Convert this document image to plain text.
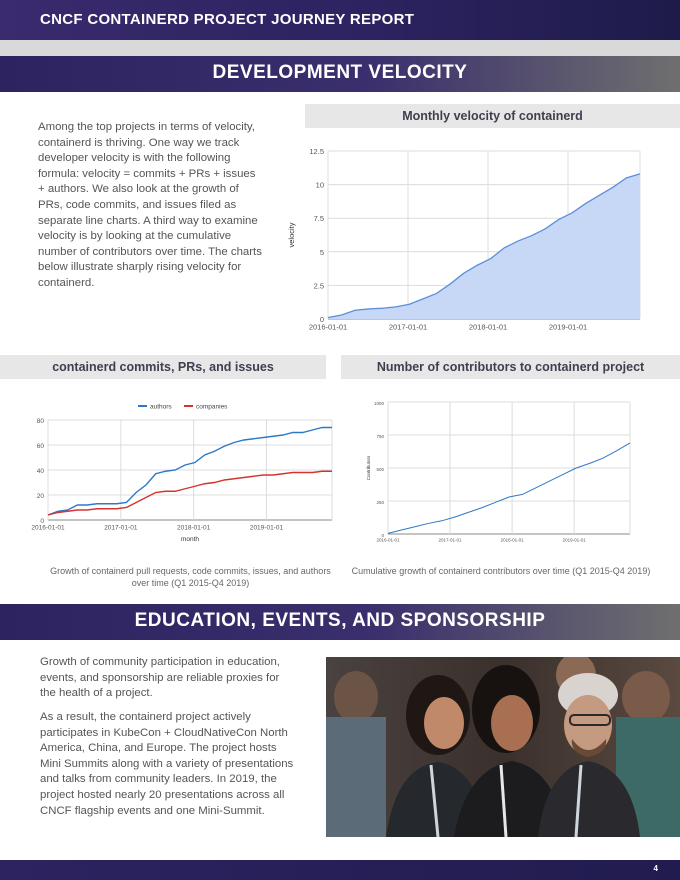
CNCF CONTAINERD PROJECT JOURNEY REPORT
DEVELOPMENT VELOCITY

Among the top projects in terms of velocity, containerd is thriving. One way we track developer velocity is with the following formula: velocity = commits + PRs + issues + authors. We also look at the growth of PRs, code commits, and issues filed as separate line charts. A third way to examine velocity is by looking at the cumulative number of contributors over time. The charts below illustrate sharply rising velocity for containerd.

Monthly velocity of containerd
0
2.5
5
7.5
10
12.5
2016-01-01	2017-01-01	2018-01-01	2019-01-01
velocity
containerd commits, PRs, and issues
0
20
40
60
80
2016-01-01	2017-01-01	2018-01-01	2019-01-01
month
authors	companies

Growth of containerd pull requests, code commits, issues, and authors over time (Q1 2015-Q4 2019)

Number of contributors to containerd project
0
250
500
750
1000
2016-01-01	2017-01-01	2018-01-01	2019-01-01
Contributors

Cumulative growth of containerd contributors over time (Q1 2015-Q4 2019)

EDUCATION, EVENTS, AND SPONSORSHIP

Growth of community participation in education, events, and sponsorship are reliable proxies for the health of a project.

As a result, the containerd project actively participates in KubeCon + CloudNativeCon North America, China, and Europe. The project hosts Mini Summits along with a variety of presentations and talks from community leaders. In 2019, the project hosted nearly 20 presentations across all CNCF flagship events and one Mini-Summit.

4
